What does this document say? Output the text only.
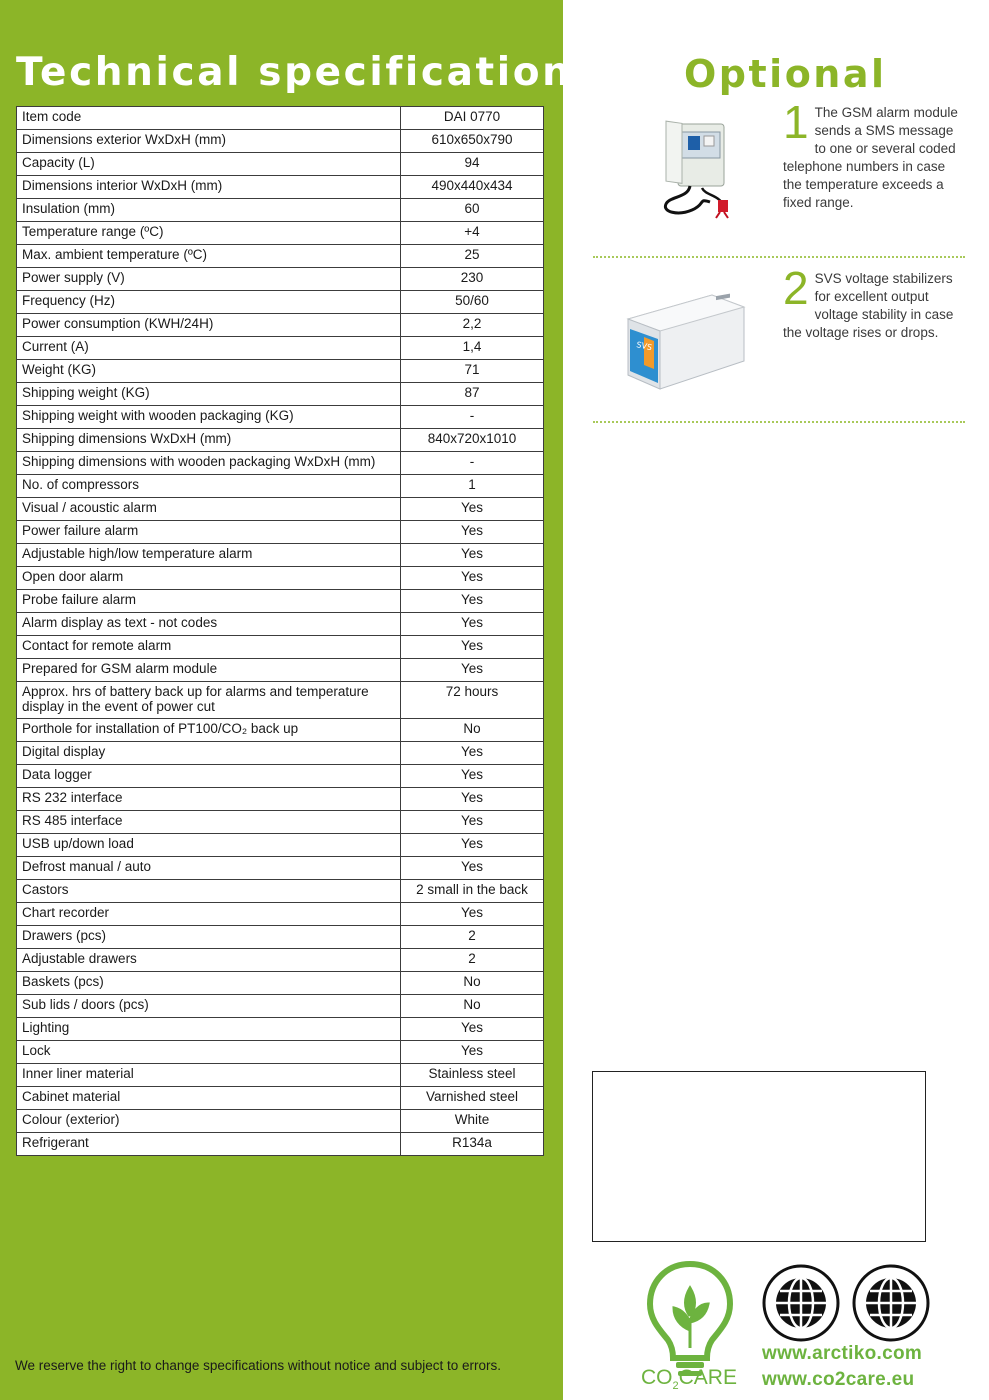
Technical specifications
Item code	DAI 0770
Dimensions exterior WxDxH (mm)	610x650x790
Capacity (L)	94
Dimensions interior WxDxH (mm)	490x440x434
Insulation (mm)	60
Temperature range (ºC)	+4
Max. ambient temperature (ºC)	25
Power supply (V)	230
Frequency (Hz)	50/60
Power consumption (KWH/24H)	2,2
Current (A)	1,4
Weight (KG)	71
Shipping weight (KG)	87
Shipping weight with wooden packaging (KG)	-
Shipping dimensions WxDxH (mm)	840x720x1010
Shipping dimensions with wooden packaging WxDxH (mm)	-
No. of compressors	1
Visual / acoustic alarm	Yes
Power failure alarm	Yes
Adjustable high/low temperature alarm	Yes
Open door alarm	Yes
Probe failure alarm	Yes
Alarm display as text - not codes	Yes
Contact for remote alarm	Yes
Prepared for GSM alarm module	Yes
Approx. hrs of battery back up for alarms and temperature display in the event of power cut	72 hours
Porthole for installation of PT100/CO₂ back up	No
Digital display	Yes
Data logger	Yes
RS 232 interface	Yes
RS 485 interface	Yes
USB up/down load	Yes
Defrost manual / auto	Yes
Castors	2 small in the back
Chart recorder	Yes
Drawers (pcs)	2
Adjustable drawers	2
Baskets (pcs)	No
Sub lids / doors (pcs)	No
Lighting	Yes
Lock	Yes
Inner liner material	Stainless steel
Cabinet material	Varnished steel
Colour (exterior)	White
Refrigerant	R134a
We reserve the right to change specifications without notice and subject to errors.
Optional
1 The GSM alarm module sends a SMS message to one or several coded telephone numbers in case the temperature exceeds a fixed range.
SVS
2 SVS voltage stabilizers for excellent output voltage stability in case the voltage rises or drops.
$CO_2CARE$
www.arctiko.com
www.co2care.eu
